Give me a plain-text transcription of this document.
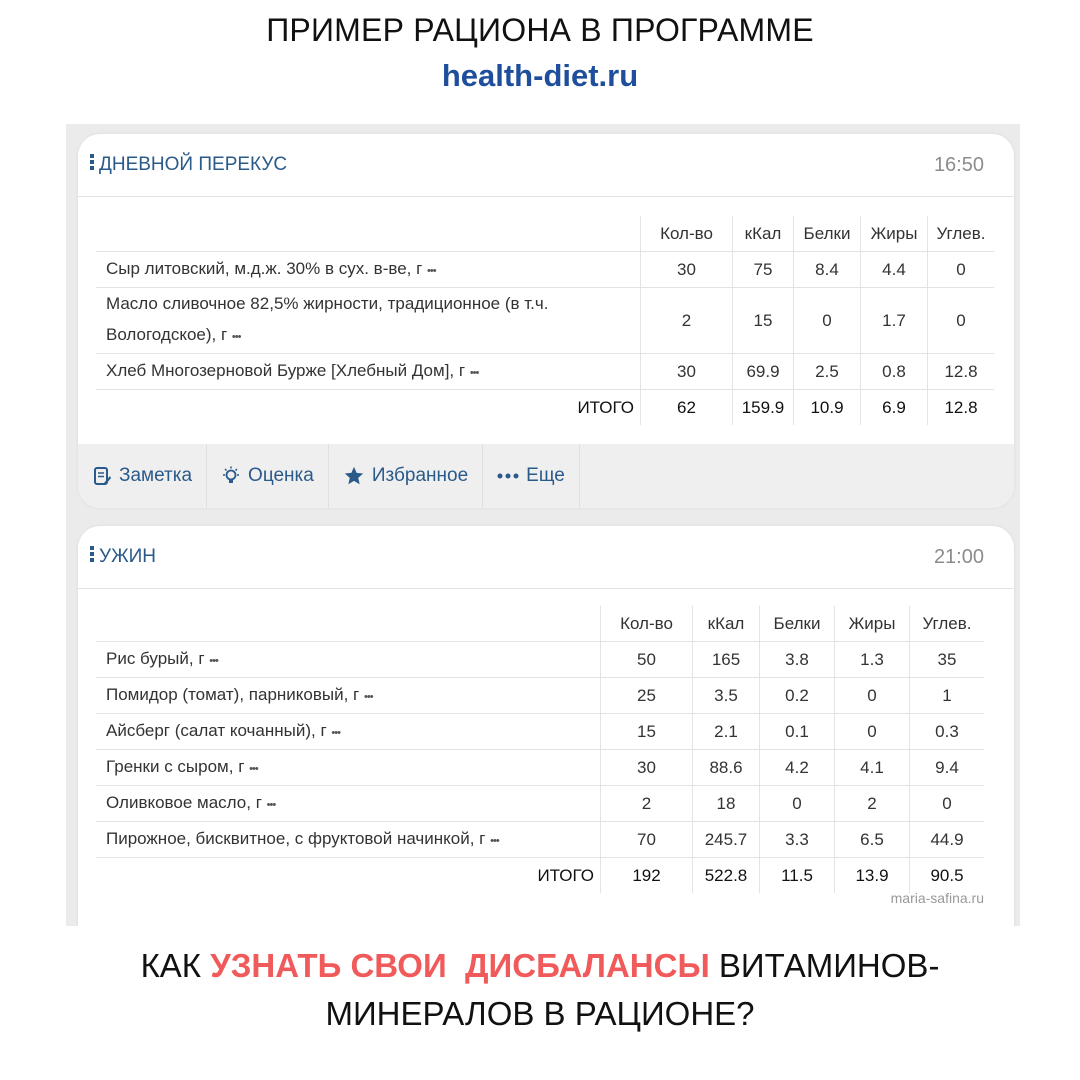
ПРИМЕР РАЦИОНА В ПРОГРАММЕ
health-diet.ru
ДНЕВНОЙ ПЕРЕКУС	16:50
	Кол-во	кКал	Белки	Жиры	Углев.
Сыр литовский, м.д.ж. 30% в сух. в-ве, г •••	30	75	8.4	4.4	0
Масло сливочное 82,5% жирности, традиционное (в т.ч. Вологодское), г •••	2	15	0	1.7	0
Хлеб Многозерновой Бурже [Хлебный Дом], г •••	30	69.9	2.5	0.8	12.8
ИТОГО	62	159.9	10.9	6.9	12.8
Заметка	Оценка	Избранное	Еще
УЖИН	21:00
	Кол-во	кКал	Белки	Жиры	Углев.
Рис бурый, г •••	50	165	3.8	1.3	35
Помидор (томат), парниковый, г •••	25	3.5	0.2	0	1
Айсберг (салат кочанный), г •••	15	2.1	0.1	0	0.3
Гренки с сыром, г •••	30	88.6	4.2	4.1	9.4
Оливковое масло, г •••	2	18	0	2	0
Пирожное, бисквитное, с фруктовой начинкой, г •••	70	245.7	3.3	6.5	44.9
ИТОГО	192	522.8	11.5	13.9	90.5
maria-safina.ru
КАК УЗНАТЬ СВОИ  ДИСБАЛАНСЫ ВИТАМИНОВ-
МИНЕРАЛОВ В РАЦИОНЕ?
